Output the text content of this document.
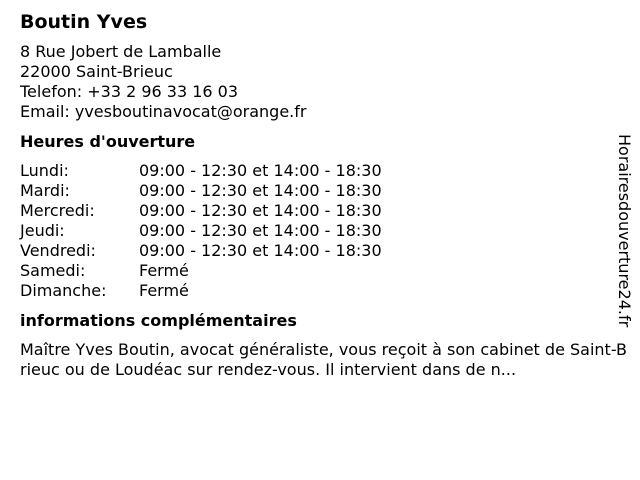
Boutin Yves
8 Rue Jobert de Lamballe
22000 Saint-Brieuc
Telefon: +33 2 96 33 16 03
Email: yvesboutinavocat@orange.fr
Heures d'ouverture
Lundi:	09:00 - 12:30 et 14:00 - 18:30
Mardi:	09:00 - 12:30 et 14:00 - 18:30
Mercredi:	09:00 - 12:30 et 14:00 - 18:30
Jeudi:	09:00 - 12:30 et 14:00 - 18:30
Vendredi:	09:00 - 12:30 et 14:00 - 18:30
Samedi:	Fermé
Dimanche:	Fermé
informations complémentaires
Maître Yves Boutin, avocat généraliste, vous reçoit à son cabinet de Saint-Brieuc ou de Loudéac sur rendez-vous. Il intervient dans de n...
Horairesdouverture24.fr
